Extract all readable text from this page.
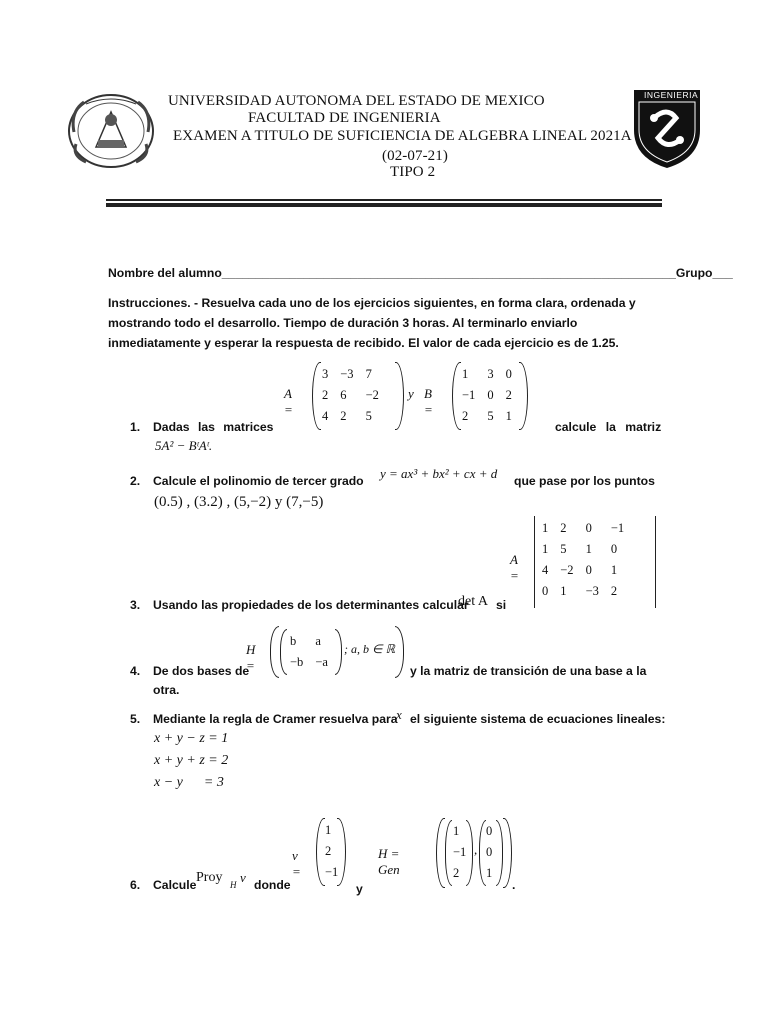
INGENIERIA
UNIVERSIDAD AUTONOMA DEL ESTADO DE MEXICO
FACULTAD DE INGENIERIA
EXAMEN A TITULO DE SUFICIENCIA DE ALGEBRA LINEAL 2021A
(02-07-21)
TIPO 2
Nombre del alumno___________________________________________________________________Grupo___
Instrucciones. - Resuelva cada uno de los ejercicios siguientes, en forma clara, ordenada y mostrando todo el desarrollo. Tiempo de duración 3 horas. Al terminarlo enviarlo inmediatamente y esperar la respuesta de recibido. El valor de cada ejercicio es de 1.25.
A =
3	−3	7
2	6	−2
4	2	5
y B =
1	3	0
−1	0	2
2	5	1
1. Dadas las matrices	calcule la matriz
5A² − BᵗAᵗ.
2. Calcule el polinomio de tercer grado y = ax³ + bx² + cx + d que pase por los puntos
(0.5) , (3.2) , (5,−2) y (7,−5)
A =
1	2	0	−1
1	5	1	0
4	−2	0	1
0	1	−3	2
3. Usando las propiedades de los determinantes calcular
det A si
H =
b	a
−b	−a
; a, b ∈ ℝ
4. De dos bases de	y la matriz de transición de una base a la
otra.
5. Mediante la regla de Cramer resuelva para
x el siguiente sistema de ecuaciones lineales:
x + y − z = 1
x + y + z = 2
x − y      = 3
v =
1
2
−1
H = Gen
1
−1
2
,
0
0
1
6. Calcule Proy H v donde	y	.
